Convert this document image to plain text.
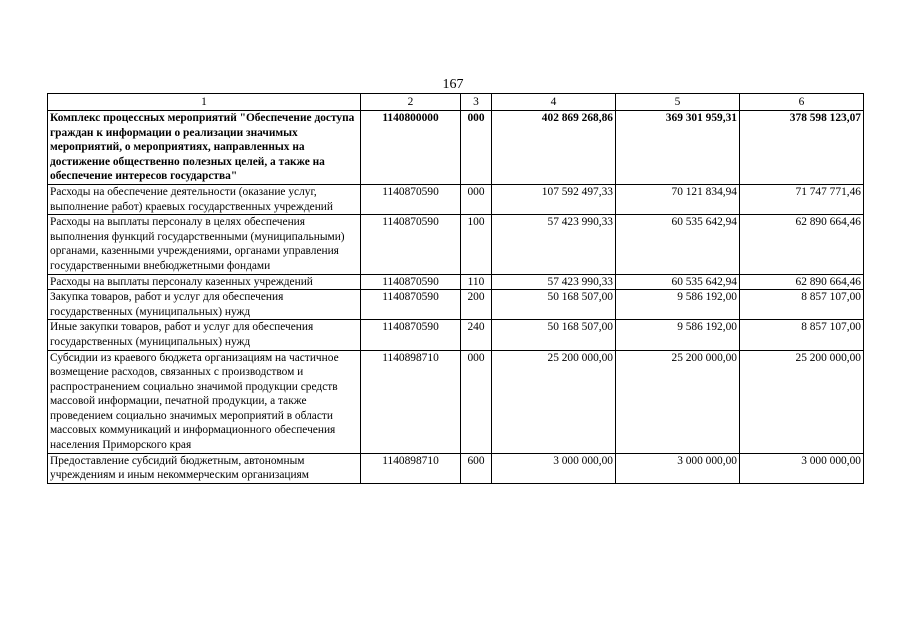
167
1	2	3	4	5	6
Комплекс процессных мероприятий "Обеспечение доступа граждан к информации о реализации значимых мероприятий, о мероприятиях, направленных на достижение общественно полезных целей, а также на обеспечение интересов государства"	1140800000	000	402 869 268,86	369 301 959,31	378 598 123,07
Расходы на обеспечение деятельности (оказание услуг, выполнение работ) краевых государственных учреждений	1140870590	000	107 592 497,33	70 121 834,94	71 747 771,46
Расходы на выплаты персоналу в целях обеспечения выполнения функций государственными (муниципальными) органами, казенными учреждениями, органами управления государственными внебюджетными фондами	1140870590	100	57 423 990,33	60 535 642,94	62 890 664,46
Расходы на выплаты персоналу казенных учреждений	1140870590	110	57 423 990,33	60 535 642,94	62 890 664,46
Закупка товаров, работ и услуг для обеспечения государственных (муниципальных) нужд	1140870590	200	50 168 507,00	9 586 192,00	8 857 107,00
Иные закупки товаров, работ и услуг для обеспечения государственных (муниципальных) нужд	1140870590	240	50 168 507,00	9 586 192,00	8 857 107,00
Субсидии из краевого бюджета организациям на частичное возмещение расходов, связанных с производством и распространением социально значимой продукции средств массовой информации, печатной продукции, а также проведением социально значимых мероприятий в области массовых коммуникаций и информационного обеспечения населения Приморского края	1140898710	000	25 200 000,00	25 200 000,00	25 200 000,00
Предоставление субсидий бюджетным, автономным учреждениям и иным некоммерческим организациям	1140898710	600	3 000 000,00	3 000 000,00	3 000 000,00
